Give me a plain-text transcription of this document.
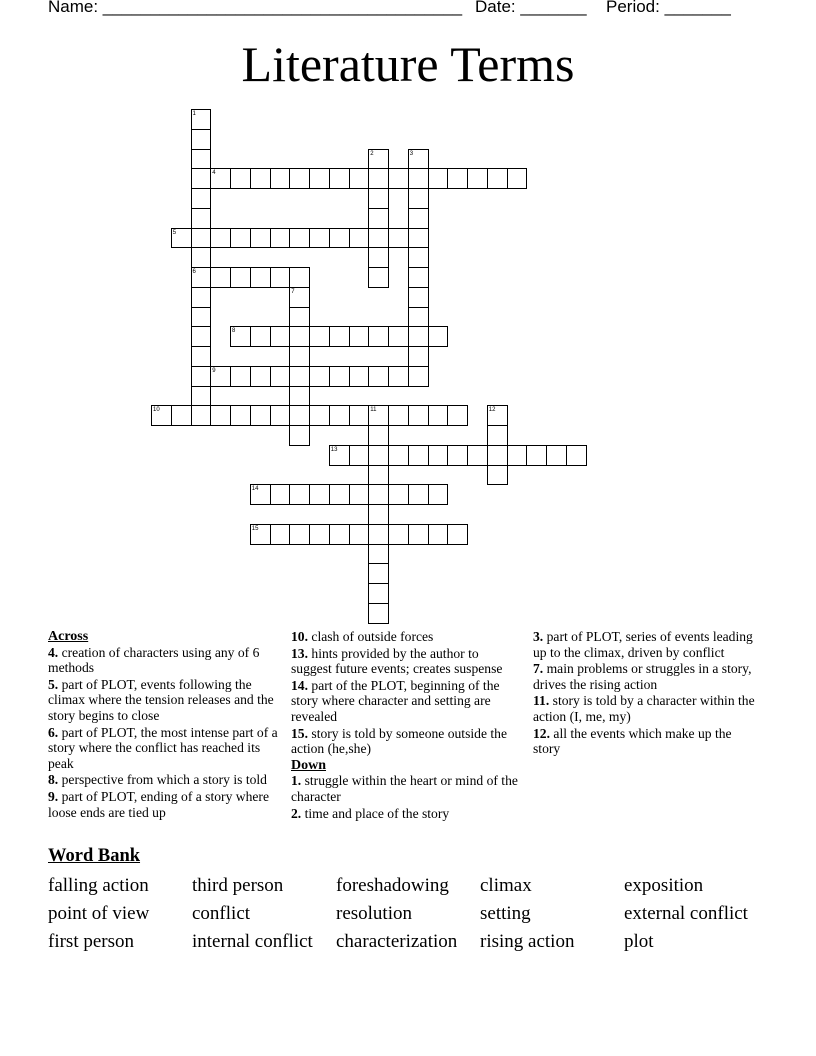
Name: ______________________________________

Date: _______

Period: _______

Literature Terms
1
6
2	3
4
5
7
8
9
10	11	12
13
14
15
Across
4. creation of characters using any of 6 methods
5. part of PLOT, events following the climax where the tension releases and the story begins to close
6. part of PLOT, the most intense part of a story where the conflict has reached its peak
8. perspective from which a story is told
9. part of PLOT, ending of a story where loose ends are tied up
10. clash of outside forces
13. hints provided by the author to suggest future events; creates suspense
14. part of the PLOT, beginning of the story where character and setting are revealed
15. story is told by someone outside the action (he,she)
Down
1. struggle within the heart or mind of the character
2. time and place of the story
3. part of PLOT, series of events leading up to the climax, driven by conflict
7. main problems or struggles in a story, drives the rising action
11. story is told by a character within the action (I, me, my)
12. all the events which make up the story
Word Bank
falling action	third person	foreshadowing	climax	exposition
point of view	conflict	resolution	setting	external conflict
first person	internal conflict	characterization	rising action	plot
